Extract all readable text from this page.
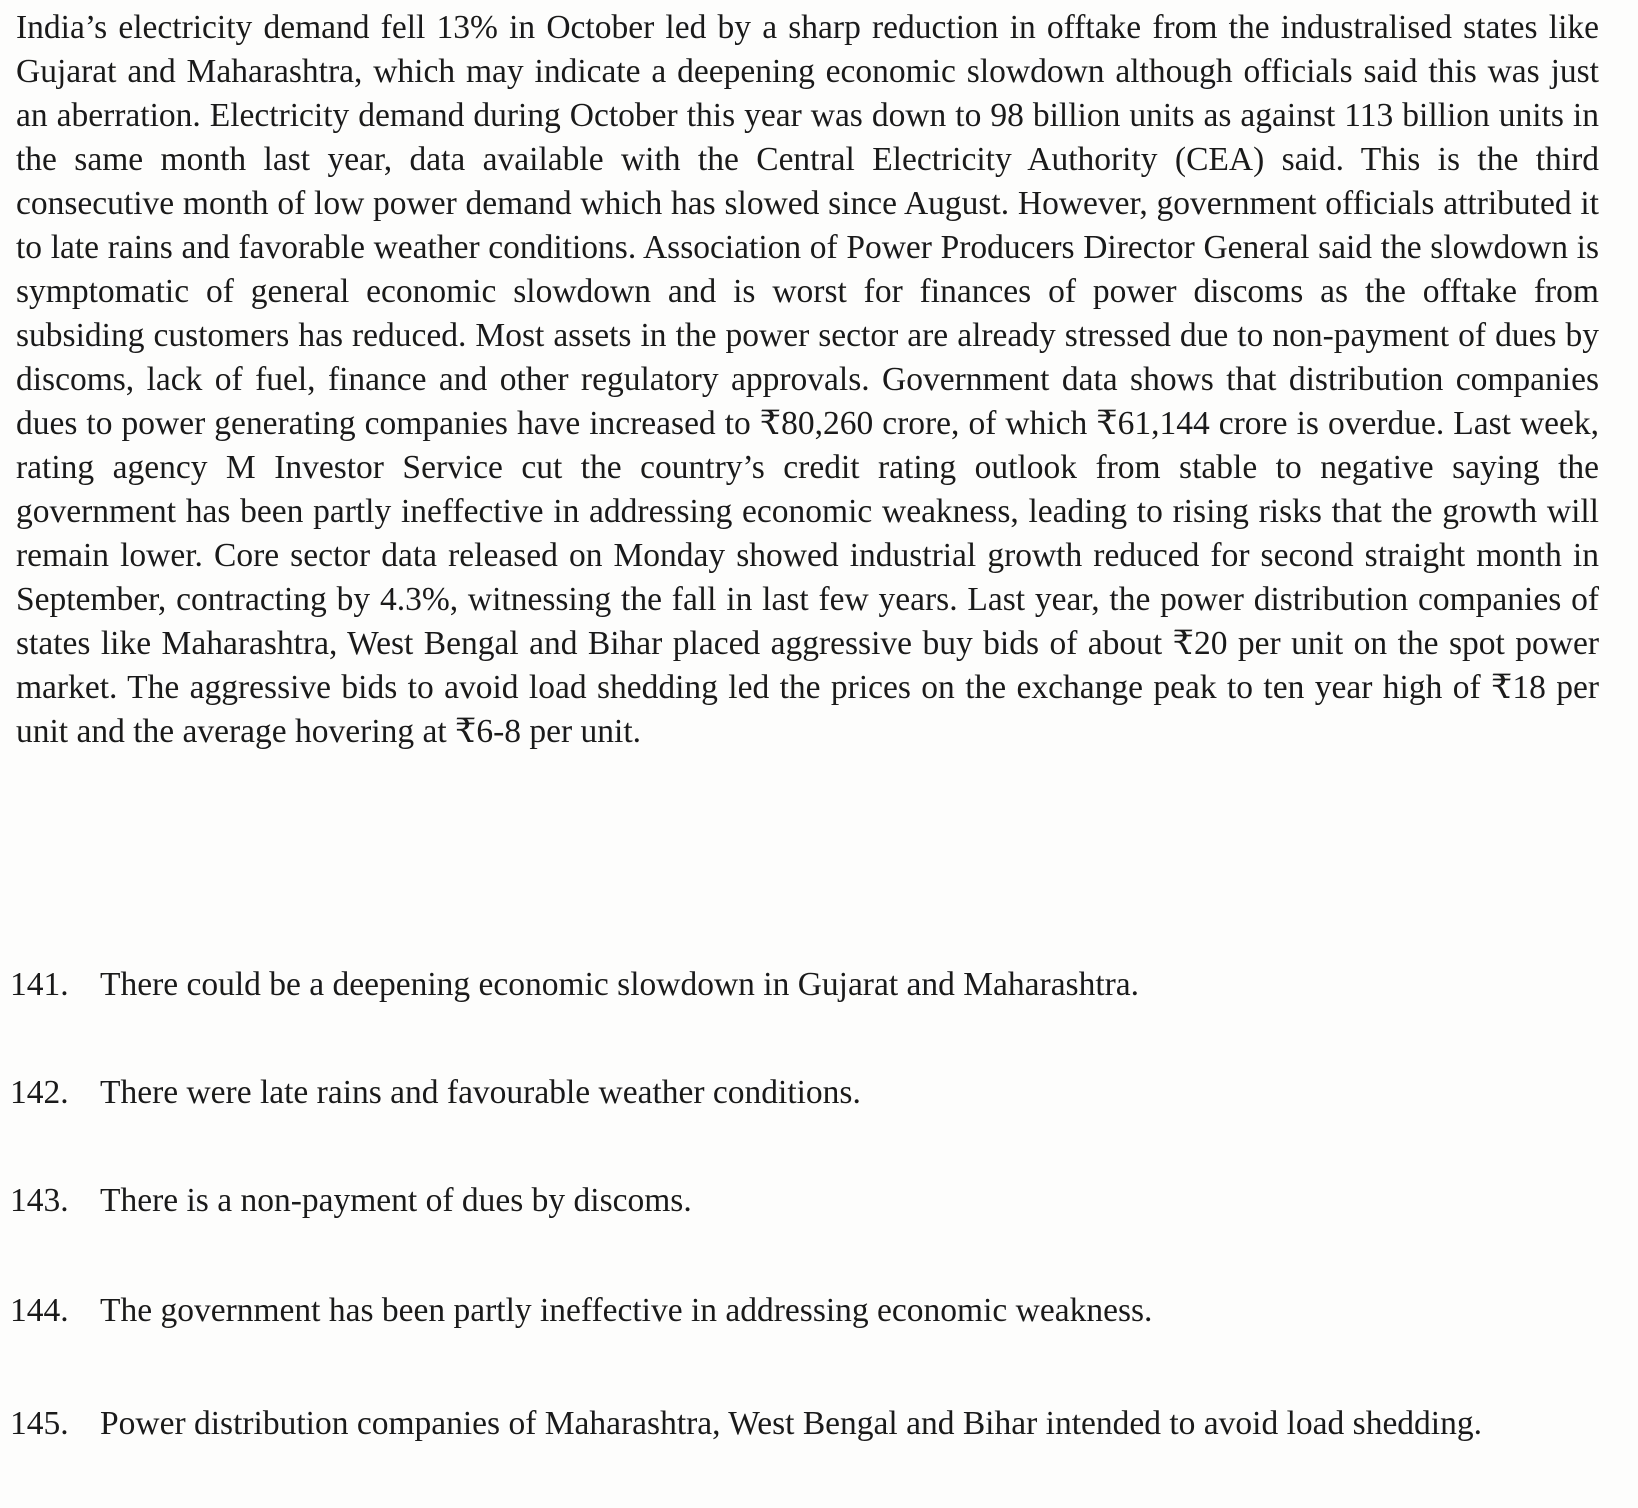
India’s electricity demand fell 13% in October led by a sharp reduction in offtake from the industralised states like Gujarat and Maharashtra, which may indicate a deepening economic slowdown although officials said this was just an aberration. Electricity demand during October this year was down to 98 billion units as against 113 billion units in the same month last year, data available with the Central Electricity Authority (CEA) said. This is the third consecutive month of low power demand which has slowed since August. However, government officials attributed it to late rains and favorable weather conditions. Association of Power Producers Director General said the slowdown is symptomatic of general economic slowdown and is worst for finances of power discoms as the offtake from subsiding customers has reduced. Most assets in the power sector are already stressed due to non-payment of dues by discoms, lack of fuel, finance and other regulatory approvals. Government data shows that distribution companies dues to power generating companies have increased to ₹80,260 crore, of which ₹61,144 crore is overdue. Last week, rating agency M Investor Service cut the country’s credit rating outlook from stable to negative saying the government has been partly ineffective in addressing economic weakness, leading to rising risks that the growth will remain lower. Core sector data released on Monday showed industrial growth reduced for second straight month in September, contracting by 4.3%, witnessing the fall in last few years. Last year, the power distribution companies of states like Maharashtra, West Bengal and Bihar placed aggressive buy bids of about ₹20 per unit on the spot power market. The aggressive bids to avoid load shedding led the prices on the exchange peak to ten year high of ₹18 per unit and the average hovering at ₹6-8 per unit.

141. There could be a deepening economic slowdown in Gujarat and Maharashtra.
142. There were late rains and favourable weather conditions.
143. There is a non-payment of dues by discoms.
144. The government has been partly ineffective in addressing economic weakness.
145. Power distribution companies of Maharashtra, West Bengal and Bihar intended to avoid load shedding.
